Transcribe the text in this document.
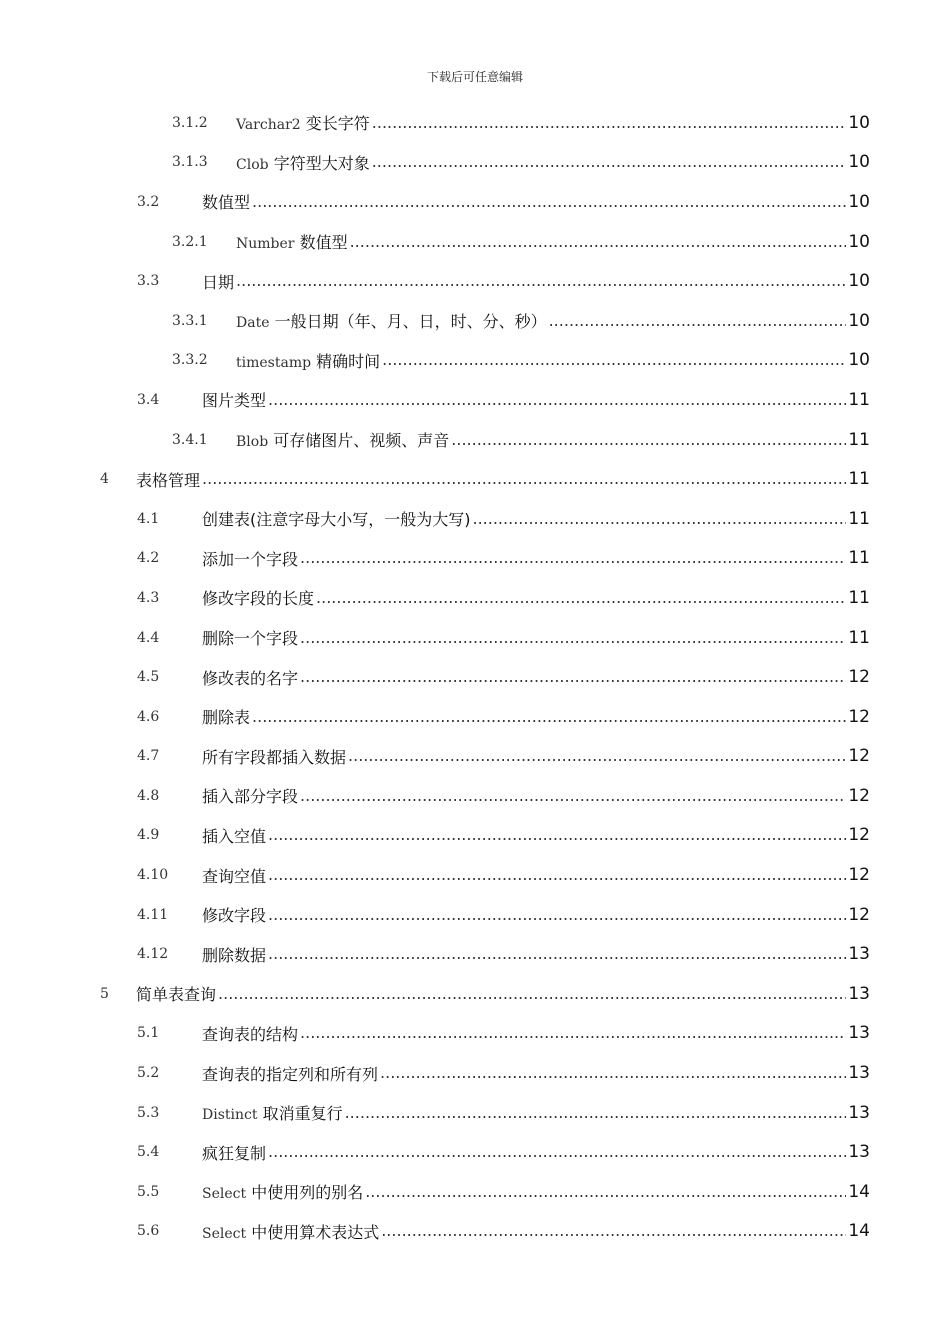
下载后可任意编辑
3.1.2	Varchar2 变长字符 .....	10
3.1.3	Clob 字符型大对象 .....	10
3.2	数值型 .....	10
3.2.1	Number 数值型 .....	10
3.3	日期 .....	10
3.3.1	Date 一般日期（年、月、日，时、分、秒） .....	10
3.3.2	timestamp 精确时间 .....	10
3.4	图片类型 .....	11
3.4.1	Blob 可存储图片、视频、声音 .....	11
4	表格管理 .....	11
4.1	创建表(注意字母大小写，一般为大写) .....	11
4.2	添加一个字段 .....	11
4.3	修改字段的长度 .....	11
4.4	删除一个字段 .....	11
4.5	修改表的名字 .....	12
4.6	删除表 .....	12
4.7	所有字段都插入数据 .....	12
4.8	插入部分字段 .....	12
4.9	插入空值 .....	12
4.10	查询空值 .....	12
4.11	修改字段 .....	12
4.12	删除数据 .....	13
5	简单表查询 .....	13
5.1	查询表的结构 .....	13
5.2	查询表的指定列和所有列 .....	13
5.3	Distinct 取消重复行 .....	13
5.4	疯狂复制 .....	13
5.5	Select 中使用列的别名 .....	14
5.6	Select 中使用算术表达式 .....	14
